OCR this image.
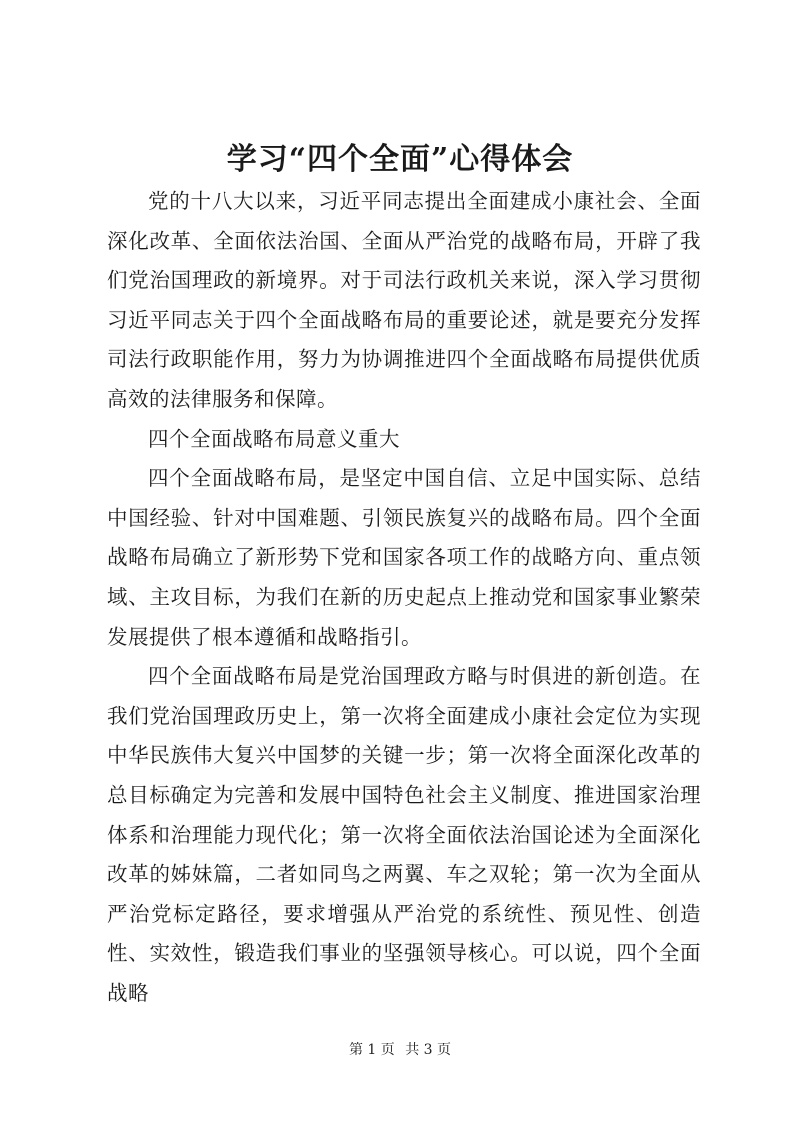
学习“四个全面”心得体会

党的十八大以来，习近平同志提出全面建成小康社会、全面深化改革、全面依法治国、全面从严治党的战略布局，开辟了我们党治国理政的新境界。对于司法行政机关来说，深入学习贯彻习近平同志关于四个全面战略布局的重要论述，就是要充分发挥司法行政职能作用，努力为协调推进四个全面战略布局提供优质高效的法律服务和保障。

四个全面战略布局意义重大

四个全面战略布局，是坚定中国自信、立足中国实际、总结中国经验、针对中国难题、引领民族复兴的战略布局。四个全面战略布局确立了新形势下党和国家各项工作的战略方向、重点领域、主攻目标，为我们在新的历史起点上推动党和国家事业繁荣发展提供了根本遵循和战略指引。

四个全面战略布局是党治国理政方略与时俱进的新创造。在我们党治国理政历史上，第一次将全面建成小康社会定位为实现中华民族伟大复兴中国梦的关键一步；第一次将全面深化改革的总目标确定为完善和发展中国特色社会主义制度、推进国家治理体系和治理能力现代化；第一次将全面依法治国论述为全面深化改革的姊妹篇，二者如同鸟之两翼、车之双轮；第一次为全面从严治党标定路径，要求增强从严治党的系统性、预见性、创造性、实效性，锻造我们事业的坚强领导核心。可以说，四个全面战略

第 1 页 共 3 页
